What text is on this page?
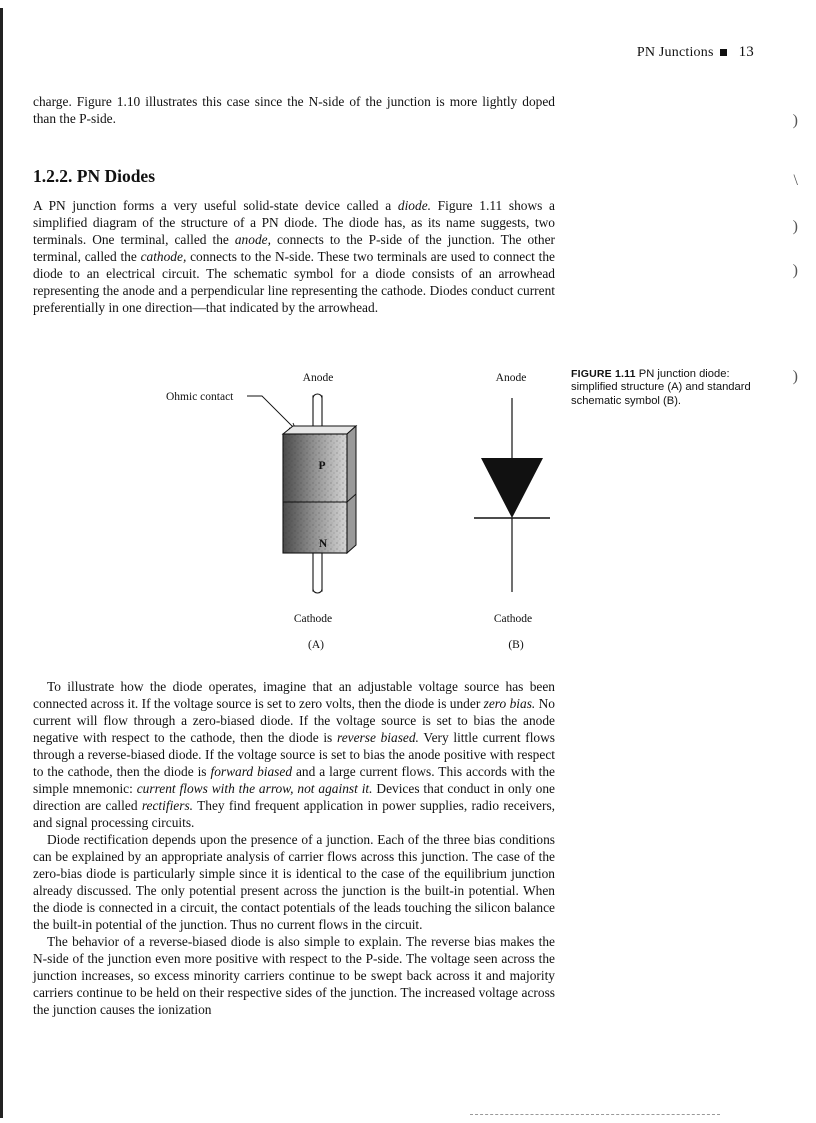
PN Junctions 13
charge. Figure 1.10 illustrates this case since the N-side of the junction is more lightly doped than the P-side.
1.2.2. PN Diodes
A PN junction forms a very useful solid-state device called a diode. Figure 1.11 shows a simplified diagram of the structure of a PN diode. The diode has, as its name suggests, two terminals. One terminal, called the anode, connects to the P-side of the junction. The other terminal, called the cathode, connects to the N-side. These two terminals are used to connect the diode to an electrical circuit. The schematic symbol for a diode consists of an arrowhead representing the anode and a perpendicular line representing the cathode. Diodes conduct current preferentially in one direction—that indicated by the arrowhead.
Anode
Ohmic contact
P
N
Cathode
(A)
Anode
Cathode
(B)
FIGURE 1.11 PN junction diode: simplified structure (A) and standard schematic symbol (B).

To illustrate how the diode operates, imagine that an adjustable voltage source has been connected across it. If the voltage source is set to zero volts, then the diode is under zero bias. No current will flow through a zero-biased diode. If the voltage source is set to bias the anode negative with respect to the cathode, then the diode is reverse biased. Very little current flows through a reverse-biased diode. If the voltage source is set to bias the anode positive with respect to the cathode, then the diode is forward biased and a large current flows. This accords with the simple mnemonic: current flows with the arrow, not against it. Devices that conduct in only one direction are called rectifiers. They find frequent application in power supplies, radio receivers, and signal processing circuits.

Diode rectification depends upon the presence of a junction. Each of the three bias conditions can be explained by an appropriate analysis of carrier flows across this junction. The case of the zero-bias diode is particularly simple since it is identical to the case of the equilibrium junction already discussed. The only potential present across the junction is the built-in potential. When the diode is connected in a circuit, the contact potentials of the leads touching the silicon balance the built-in potential of the junction. Thus no current flows in the circuit.

The behavior of a reverse-biased diode is also simple to explain. The reverse bias makes the N-side of the junction even more positive with respect to the P-side. The voltage seen across the junction increases, so excess minority carriers continue to be swept back across it and majority carriers continue to be held on their respective sides of the junction. The increased voltage across the junction causes the ionization

)
\
)
)
)
